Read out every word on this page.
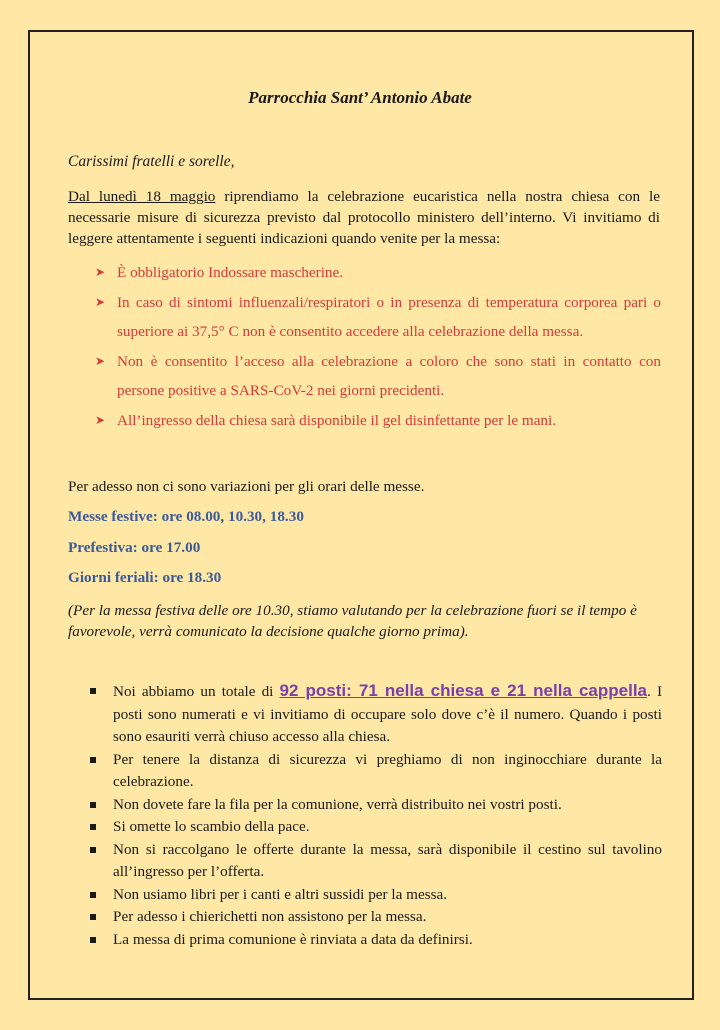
Parrocchia Sant’ Antonio Abate
Carissimi fratelli e sorelle,
Dal lunedì 18 maggio riprendiamo la celebrazione eucaristica nella nostra chiesa con le necessarie misure di sicurezza previsto dal protocollo ministero dell’interno. Vi invitiamo di leggere attentamente i seguenti indicazioni quando venite per la messa:
➤ È obbligatorio Indossare mascherine.
➤ In caso di sintomi influenzali/respiratori o in presenza di temperatura corporea pari o superiore ai 37,5° C non è consentito accedere alla celebrazione della messa.
➤ Non è consentito l’acceso alla celebrazione a coloro che sono stati in contatto con persone positive a SARS-CoV-2 nei giorni precidenti.
➤ All’ingresso della chiesa sarà disponibile il gel disinfettante per le mani.
Per adesso non ci sono variazioni per gli orari delle messe.
Messe festive: ore 08.00, 10.30, 18.30
Prefestiva: ore 17.00
Giorni feriali: ore 18.30
(Per la messa festiva delle ore 10.30, stiamo valutando per la celebrazione fuori se il tempo è favorevole, verrà comunicato la decisione qualche giorno prima).
Noi abbiamo un totale di 92 posti: 71 nella chiesa e 21 nella cappella. I posti sono numerati e vi invitiamo di occupare solo dove c’è il numero. Quando i posti sono esauriti verrà chiuso accesso alla chiesa.
Per tenere la distanza di sicurezza vi preghiamo di non inginocchiare durante la celebrazione.
Non dovete fare la fila per la comunione, verrà distribuito nei vostri posti.
Si omette lo scambio della pace.
Non si raccolgano le offerte durante la messa, sarà disponibile il cestino sul tavolino all’ingresso per l’offerta.
Non usiamo libri per i canti e altri sussidi per la messa.
Per adesso i chierichetti non assistono per la messa.
La messa di prima comunione è rinviata a data da definirsi.
